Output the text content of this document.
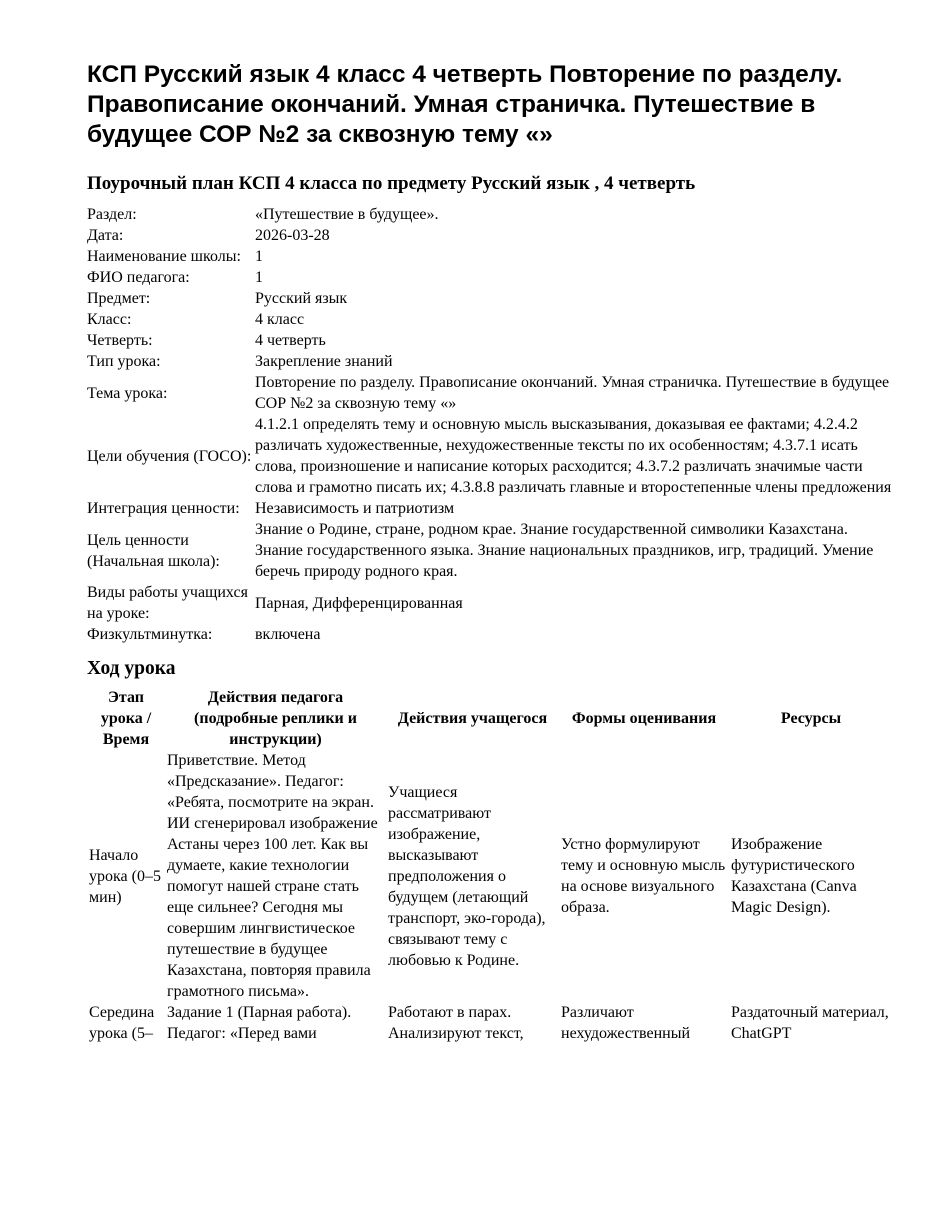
КСП Русский язык 4 класс 4 четверть Повторение по разделу. Правописание окончаний. Умная страничка. Путешествие в будущее СОР №2 за сквозную тему «»
Поурочный план КСП 4 класса по предмету Русский язык , 4 четверть
Раздел:	«Путешествие в будущее».
Дата:	2026-03-28
Наименование школы:	1
ФИО педагога:	1
Предмет:	Русский язык
Класс:	4 класс
Четверть:	4 четверть
Тип урока:	Закрепление знаний
Тема урока:	Повторение по разделу. Правописание окончаний. Умная страничка. Путешествие в будущее СОР №2 за сквозную тему «»
Цели обучения (ГОСО):	4.1.2.1 определять тему и основную мысль высказывания, доказывая ее фактами; 4.2.4.2 различать художественные, нехудожественные тексты по их особенностям; 4.3.7.1 исать слова, произношение и написание которых расходится; 4.3.7.2 различать значимые части слова и грамотно писать их; 4.3.8.8 различать главные и второстепенные члены предложения
Интеграция ценности:	Независимость и патриотизм
Цель ценности (Начальная школа):	Знание о Родине, стране, родном крае. Знание государственной символики Казахстана. Знание государственного языка. Знание национальных праздников, игр, традиций. Умение беречь природу родного края.
Виды работы учащихся на уроке:	Парная, Дифференцированная
Физкультминутка:	включена
Ход урока
Этап урока / Время	Действия педагога (подробные реплики и инструкции)	Действия учащегося	Формы оценивания	Ресурсы
Начало урока (0–5 мин)	Приветствие. Метод «Предсказание». Педагог: «Ребята, посмотрите на экран. ИИ сгенерировал изображение Астаны через 100 лет. Как вы думаете, какие технологии помогут нашей стране стать еще сильнее? Сегодня мы совершим лингвистическое путешествие в будущее Казахстана, повторяя правила грамотного письма».	Учащиеся рассматривают изображение, высказывают предположения о будущем (летающий транспорт, эко-города), связывают тему с любовью к Родине.	Устно формулируют тему и основную мысль на основе визуального образа.	Изображение футуристического Казахстана (Canva Magic Design).
Середина урока (5–	Задание 1 (Парная работа). Педагог: «Перед вами	Работают в парах. Анализируют текст,	Различают нехудожественный	Раздаточный материал, ChatGPT
